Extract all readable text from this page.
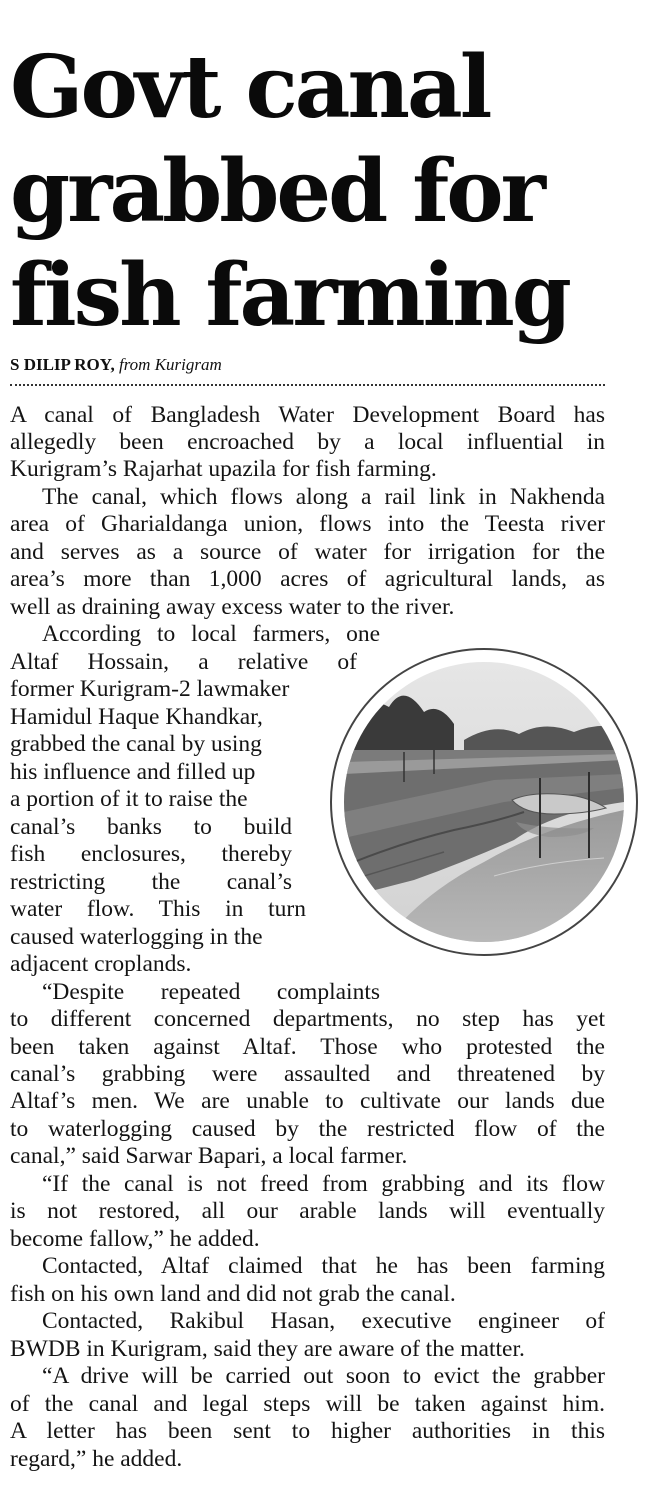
Govt canal
grabbed for
fish farming
S DILIP ROY, from Kurigram
A canal of Bangladesh Water Development Board has
allegedly been encroached by a local influential in
Kurigram’s Rajarhat upazila for fish farming.
The canal, which flows along a rail link in Nakhenda
area of Gharialdanga union, flows into the Teesta river
and serves as a source of water for irrigation for the
area’s more than 1,000 acres of agricultural lands, as
well as draining away excess water to the river.
According to local farmers, one
Altaf Hossain, a relative of
former Kurigram-2 lawmaker
Hamidul Haque Khandkar,
grabbed the canal by using
his influence and filled up
a portion of it to raise the
canal’s banks to build
fish enclosures, thereby
restricting the canal’s
water flow. This in turn
caused waterlogging in the
adjacent croplands.
“Despite repeated complaints
to different concerned departments, no step has yet
been taken against Altaf. Those who protested the
canal’s grabbing were assaulted and threatened by
Altaf’s men. We are unable to cultivate our lands due
to waterlogging caused by the restricted flow of the
canal,” said Sarwar Bapari, a local farmer.
“If the canal is not freed from grabbing and its flow
is not restored, all our arable lands will eventually
become fallow,” he added.
Contacted, Altaf claimed that he has been farming
fish on his own land and did not grab the canal.
Contacted, Rakibul Hasan, executive engineer of
BWDB in Kurigram, said they are aware of the matter.
“A drive will be carried out soon to evict the grabber
of the canal and legal steps will be taken against him.
A letter has been sent to higher authorities in this
regard,” he added.
